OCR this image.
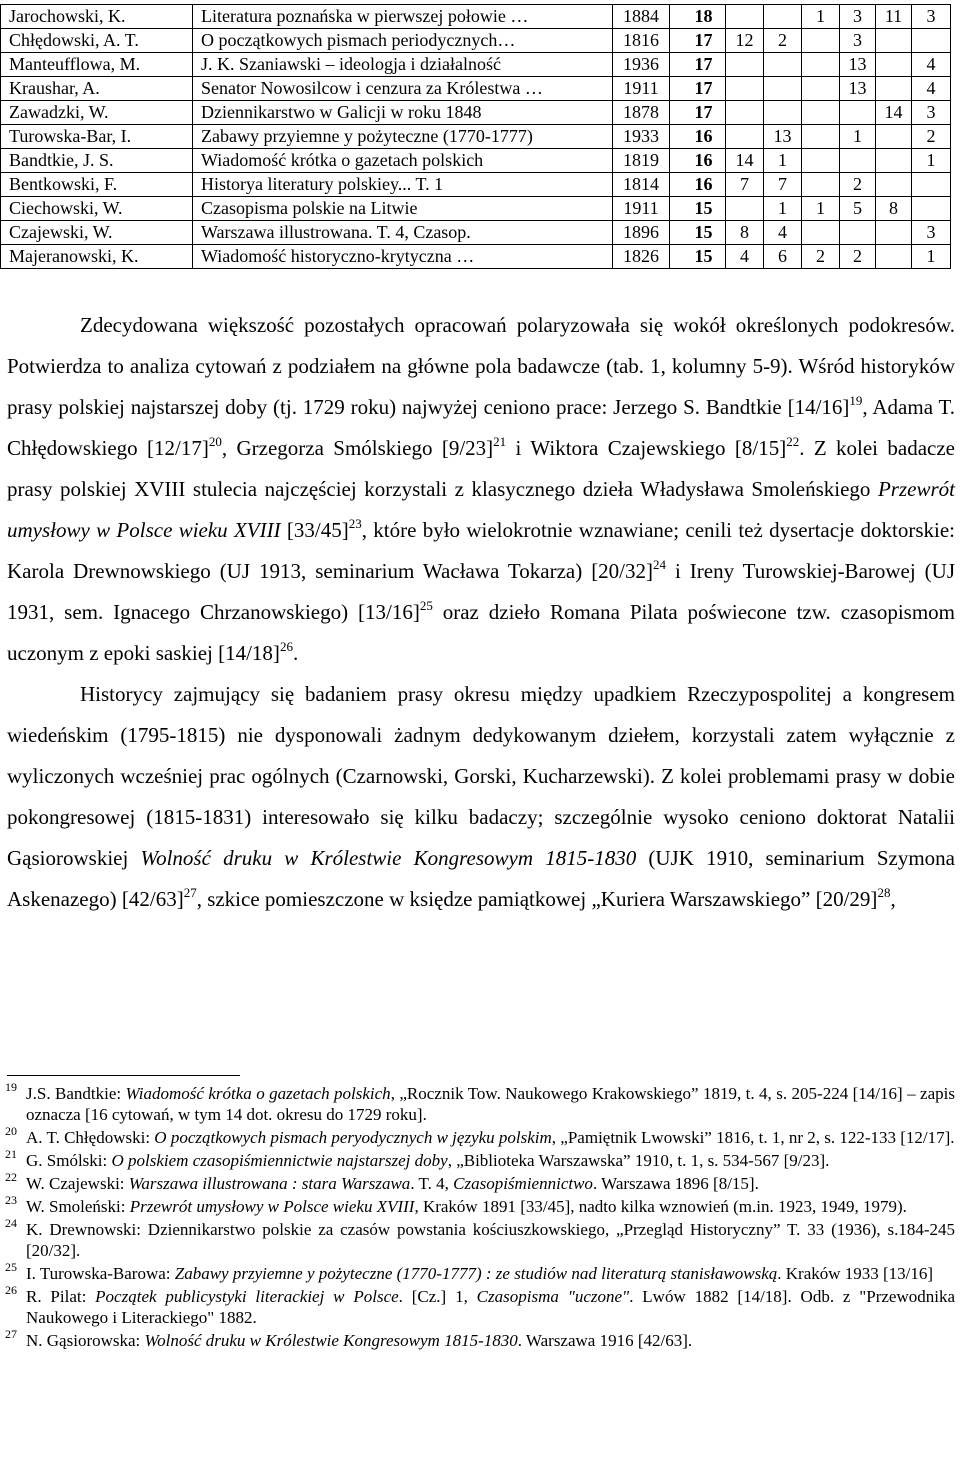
Jarochowski, K.	Literatura poznańska w pierwszej połowie …	1884	18			1	3	11	3
Chłędowski, A. T.	O początkowych pismach periodycznych…	1816	17	12	2		3		
Manteufflowa, M.	J. K. Szaniawski – ideologja i działalność	1936	17				13		4
Kraushar, A.	Senator Nowosilcow i cenzura za Królestwa …	1911	17				13		4
Zawadzki, W.	Dziennikarstwo w Galicji w roku 1848	1878	17					14	3
Turowska-Bar, I.	Zabawy przyiemne y pożyteczne (1770-1777)	1933	16		13		1		2
Bandtkie, J. S.	Wiadomość krótka o gazetach polskich	1819	16	14	1				1
Bentkowski, F.	Historya literatury polskiey... T. 1	1814	16	7	7		2		
Ciechowski, W.	Czasopisma polskie na Litwie	1911	15		1	1	5	8	
Czajewski, W.	Warszawa illustrowana. T. 4, Czasop.	1896	15	8	4				3
Majeranowski, K.	Wiadomość historyczno-krytyczna …	1826	15	4	6	2	2		1

Zdecydowana większość pozostałych opracowań polaryzowała się wokół określonych podokresów. Potwierdza to analiza cytowań z podziałem na główne pola badawcze (tab. 1, kolumny 5-9). Wśród historyków prasy polskiej najstarszej doby (tj. 1729 roku) najwyżej ceniono prace: Jerzego S. Bandtkie $[14/16]^{19}$, Adama T. Chłędowskiego $[12/17]^{20}$, Grzegorza Smólskiego $[9/23]^{21}$ i Wiktora Czajewskiego $[8/15]^{22}$. Z kolei badacze prasy polskiej XVIII stulecia najczęściej korzystali z klasycznego dzieła Władysława Smoleńskiego Przewrót umysłowy w Polsce wieku XVIII $[33/45]^{23}$, które było wielokrotnie wznawiane; cenili też dysertacje doktorskie: Karola Drewnowskiego (UJ 1913, seminarium Wacława Tokarza) $[20/32]^{24}$ i Ireny Turowskiej-Barowej (UJ 1931, sem. Ignacego Chrzanowskiego) $[13/16]^{25}$ oraz dzieło Romana Pilata poświecone tzw. czasopismom uczonym z epoki saskiej $[14/18]^{26}$.

Historycy zajmujący się badaniem prasy okresu między upadkiem Rzeczypospolitej a kongresem wiedeńskim (1795-1815) nie dysponowali żadnym dedykowanym dziełem, korzystali zatem wyłącznie z wyliczonych wcześniej prac ogólnych (Czarnowski, Gorski, Kucharzewski). Z kolei problemami prasy w dobie pokongresowej (1815-1831) interesowało się kilku badaczy; szczególnie wysoko ceniono doktorat Natalii Gąsiorowskiej Wolność druku w Królestwie Kongresowym 1815-1830 (UJK 1910, seminarium Szymona Askenazego) $[42/63]^{27}$, szkice pomieszczone w księdze pamiątkowej „Kuriera Warszawskiego” $[20/29]^{28}$,

19 J.S. Bandtkie: Wiadomość krótka o gazetach polskich, „Rocznik Tow. Naukowego Krakowskiego” 1819, t. 4, s. 205-224 [14/16] – zapis oznacza [16 cytowań, w tym 14 dot. okresu do 1729 roku].
20 A. T. Chłędowski: O początkowych pismach peryodycznych w języku polskim, „Pamiętnik Lwowski” 1816, t. 1, nr 2, s. 122-133 [12/17].
21 G. Smólski: O polskiem czasopiśmiennictwie najstarszej doby, „Biblioteka Warszawska” 1910, t. 1, s. 534-567 [9/23].
22 W. Czajewski: Warszawa illustrowana : stara Warszawa. T. 4, Czasopiśmiennictwo. Warszawa 1896 [8/15].
23 W. Smoleński: Przewrót umysłowy w Polsce wieku XVIII, Kraków 1891 [33/45], nadto kilka wznowień (m.in. 1923, 1949, 1979).
24 K. Drewnowski: Dziennikarstwo polskie za czasów powstania kościuszkowskiego, „Przegląd Historyczny” T. 33 (1936), s.184-245 [20/32].
25 I. Turowska-Barowa: Zabawy przyiemne y pożyteczne (1770-1777) : ze studiów nad literaturą stanisławowską. Kraków 1933 [13/16]
26 R. Pilat: Początek publicystyki literackiej w Polsce. [Cz.] 1, Czasopisma "uczone". Lwów 1882 [14/18]. Odb. z "Przewodnika Naukowego i Literackiego" 1882.
27 N. Gąsiorowska: Wolność druku w Królestwie Kongresowym 1815-1830. Warszawa 1916 [42/63].
